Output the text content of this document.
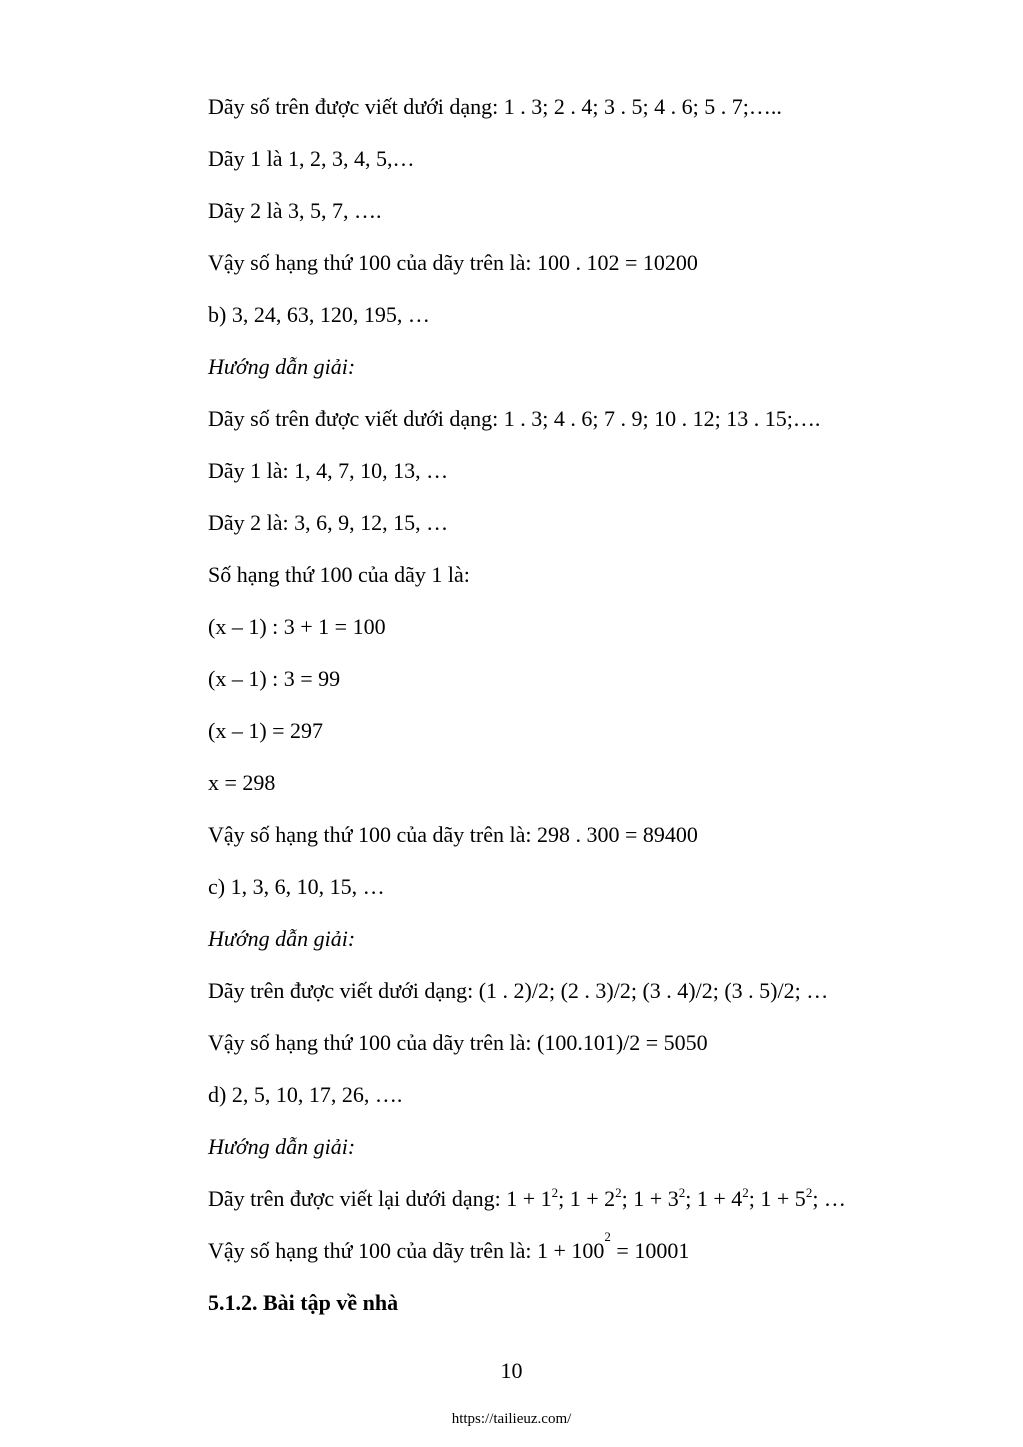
Dãy số trên được viết dưới dạng: 1 . 3; 2 . 4; 3 . 5; 4 . 6; 5 . 7;…..
Dãy 1 là 1, 2, 3, 4, 5,…
Dãy 2 là 3, 5, 7, ….
Vậy số hạng thứ 100 của dãy trên là: 100 . 102 = 10200
b) 3, 24, 63, 120, 195, …
Hướng dẫn giải:
Dãy số trên được viết dưới dạng: 1 . 3; 4 . 6; 7 . 9; 10 . 12; 13 . 15;….
Dãy 1 là: 1, 4, 7, 10, 13, …
Dãy 2 là: 3, 6, 9, 12, 15, …
Số hạng thứ 100 của dãy 1 là:
(x – 1) : 3 + 1 = 100
(x – 1) : 3 = 99
(x – 1) = 297
x = 298
Vậy số hạng thứ 100 của dãy trên là: 298 . 300 = 89400
c) 1, 3, 6, 10, 15, …
Hướng dẫn giải:
Dãy trên được viết dưới dạng: (1 . 2)/2; (2 . 3)/2; (3 . 4)/2; (3 . 5)/2; …
Vậy số hạng thứ 100 của dãy trên là: (100.101)/2 = 5050
d) 2, 5, 10, 17, 26, ….
Hướng dẫn giải:
Dãy trên được viết lại dưới dạng: $1 + 1^2$; $1 + 2^2$; $1 + 3^2$; $1 + 4^2$; $1 + 5^2$; …
Vậy số hạng thứ 100 của dãy trên là: $1 + 100^2 = 10001$
5.1.2. Bài tập về nhà
10
https://tailieuz.com/
